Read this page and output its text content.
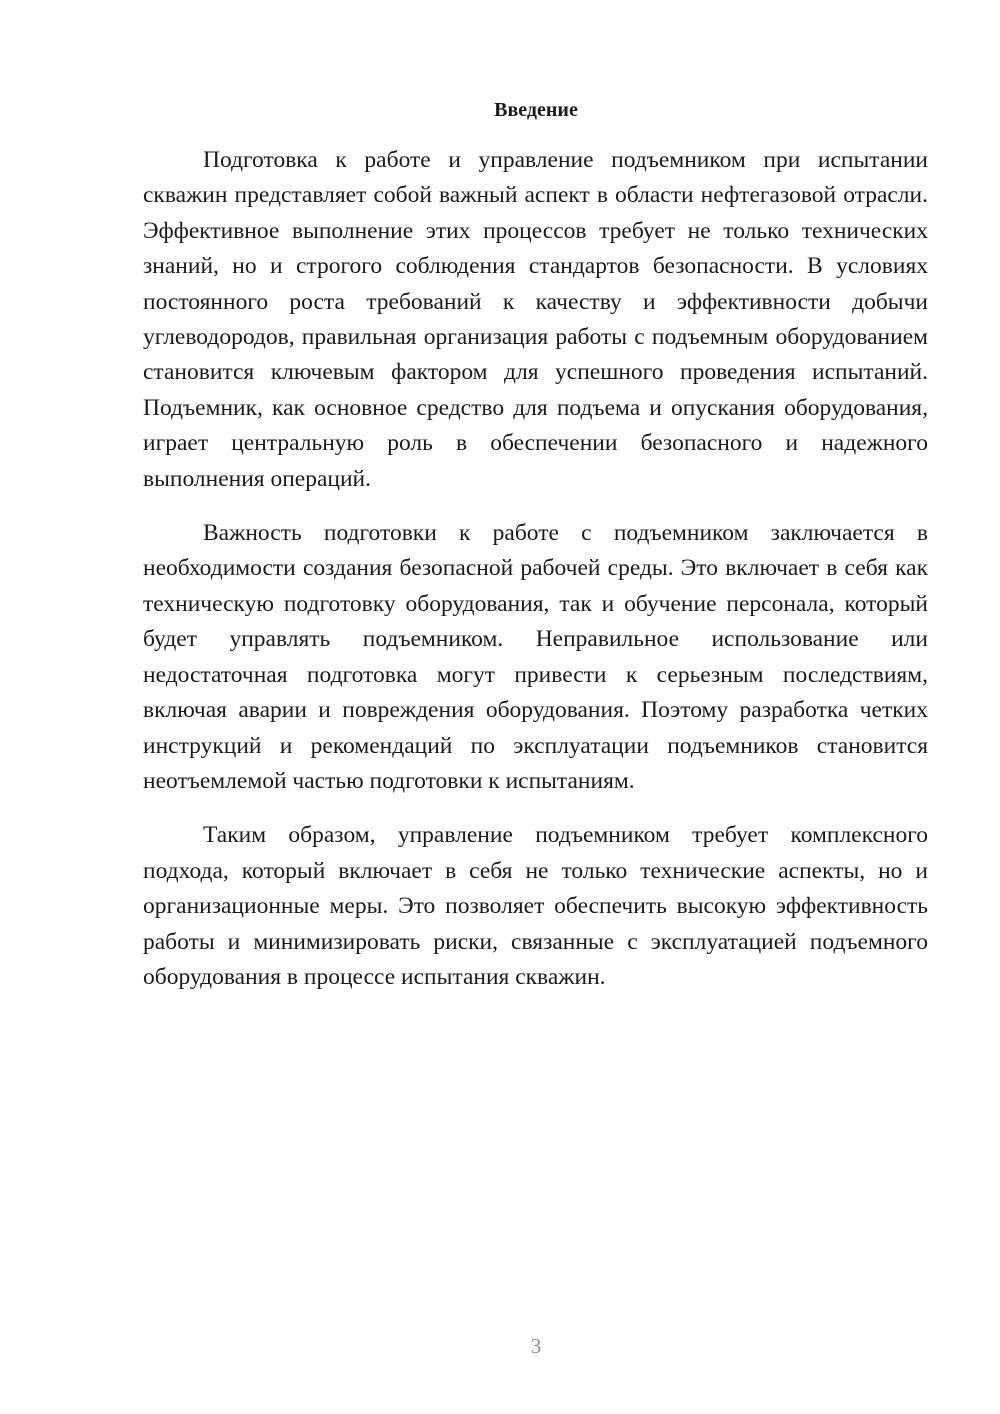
Введение

Подготовка к работе и управление подъемником при испытании скважин представляет собой важный аспект в области нефтегазовой отрасли. Эффективное выполнение этих процессов требует не только технических знаний, но и строгого соблюдения стандартов безопасности. В условиях постоянного роста требований к качеству и эффективности добычи углеводородов, правильная организация работы с подъемным оборудованием становится ключевым фактором для успешного проведения испытаний. Подъемник, как основное средство для подъема и опускания оборудования, играет центральную роль в обеспечении безопасного и надежного выполнения операций.

Важность подготовки к работе с подъемником заключается в необходимости создания безопасной рабочей среды. Это включает в себя как техническую подготовку оборудования, так и обучение персонала, который будет управлять подъемником. Неправильное использование или недостаточная подготовка могут привести к серьезным последствиям, включая аварии и повреждения оборудования. Поэтому разработка четких инструкций и рекомендаций по эксплуатации подъемников становится неотъемлемой частью подготовки к испытаниям.

Таким образом, управление подъемником требует комплексного подхода, который включает в себя не только технические аспекты, но и организационные меры. Это позволяет обеспечить высокую эффективность работы и минимизировать риски, связанные с эксплуатацией подъемного оборудования в процессе испытания скважин.

3
